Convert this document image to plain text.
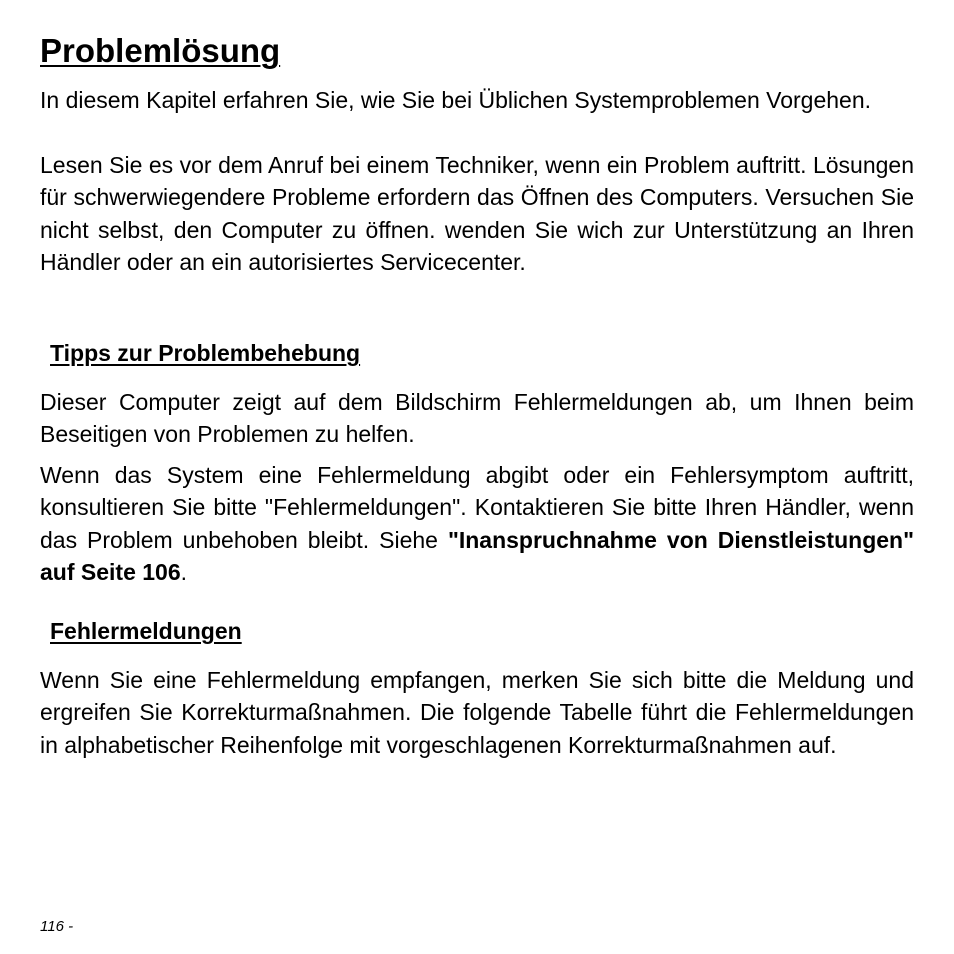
Problemlösung

In diesem Kapitel erfahren Sie, wie Sie bei Üblichen Systemproblemen Vorgehen.

Lesen Sie es vor dem Anruf bei einem Techniker, wenn ein Problem auftritt. Lösungen für schwerwiegendere Probleme erfordern das Öffnen des Computers. Versuchen Sie nicht selbst, den Computer zu öffnen. wenden Sie wich zur Unterstützung an Ihren Händler oder an ein autorisiertes Servicecenter.

Tipps zur Problembehebung

Dieser Computer zeigt auf dem Bildschirm Fehlermeldungen ab, um Ihnen beim Beseitigen von Problemen zu helfen.

Wenn das System eine Fehlermeldung abgibt oder ein Fehlersymptom auftritt, konsultieren Sie bitte "Fehlermeldungen". Kontaktieren Sie bitte Ihren Händler, wenn das Problem unbehoben bleibt. Siehe "Inanspruchnahme von Dienstleistungen" auf Seite 106.

Fehlermeldungen

Wenn Sie eine Fehlermeldung empfangen, merken Sie sich bitte die Meldung und ergreifen Sie Korrekturmaßnahmen. Die folgende Tabelle führt die Fehlermeldungen in alphabetischer Reihenfolge mit vorgeschlagenen Korrekturmaßnahmen auf.

116 -
